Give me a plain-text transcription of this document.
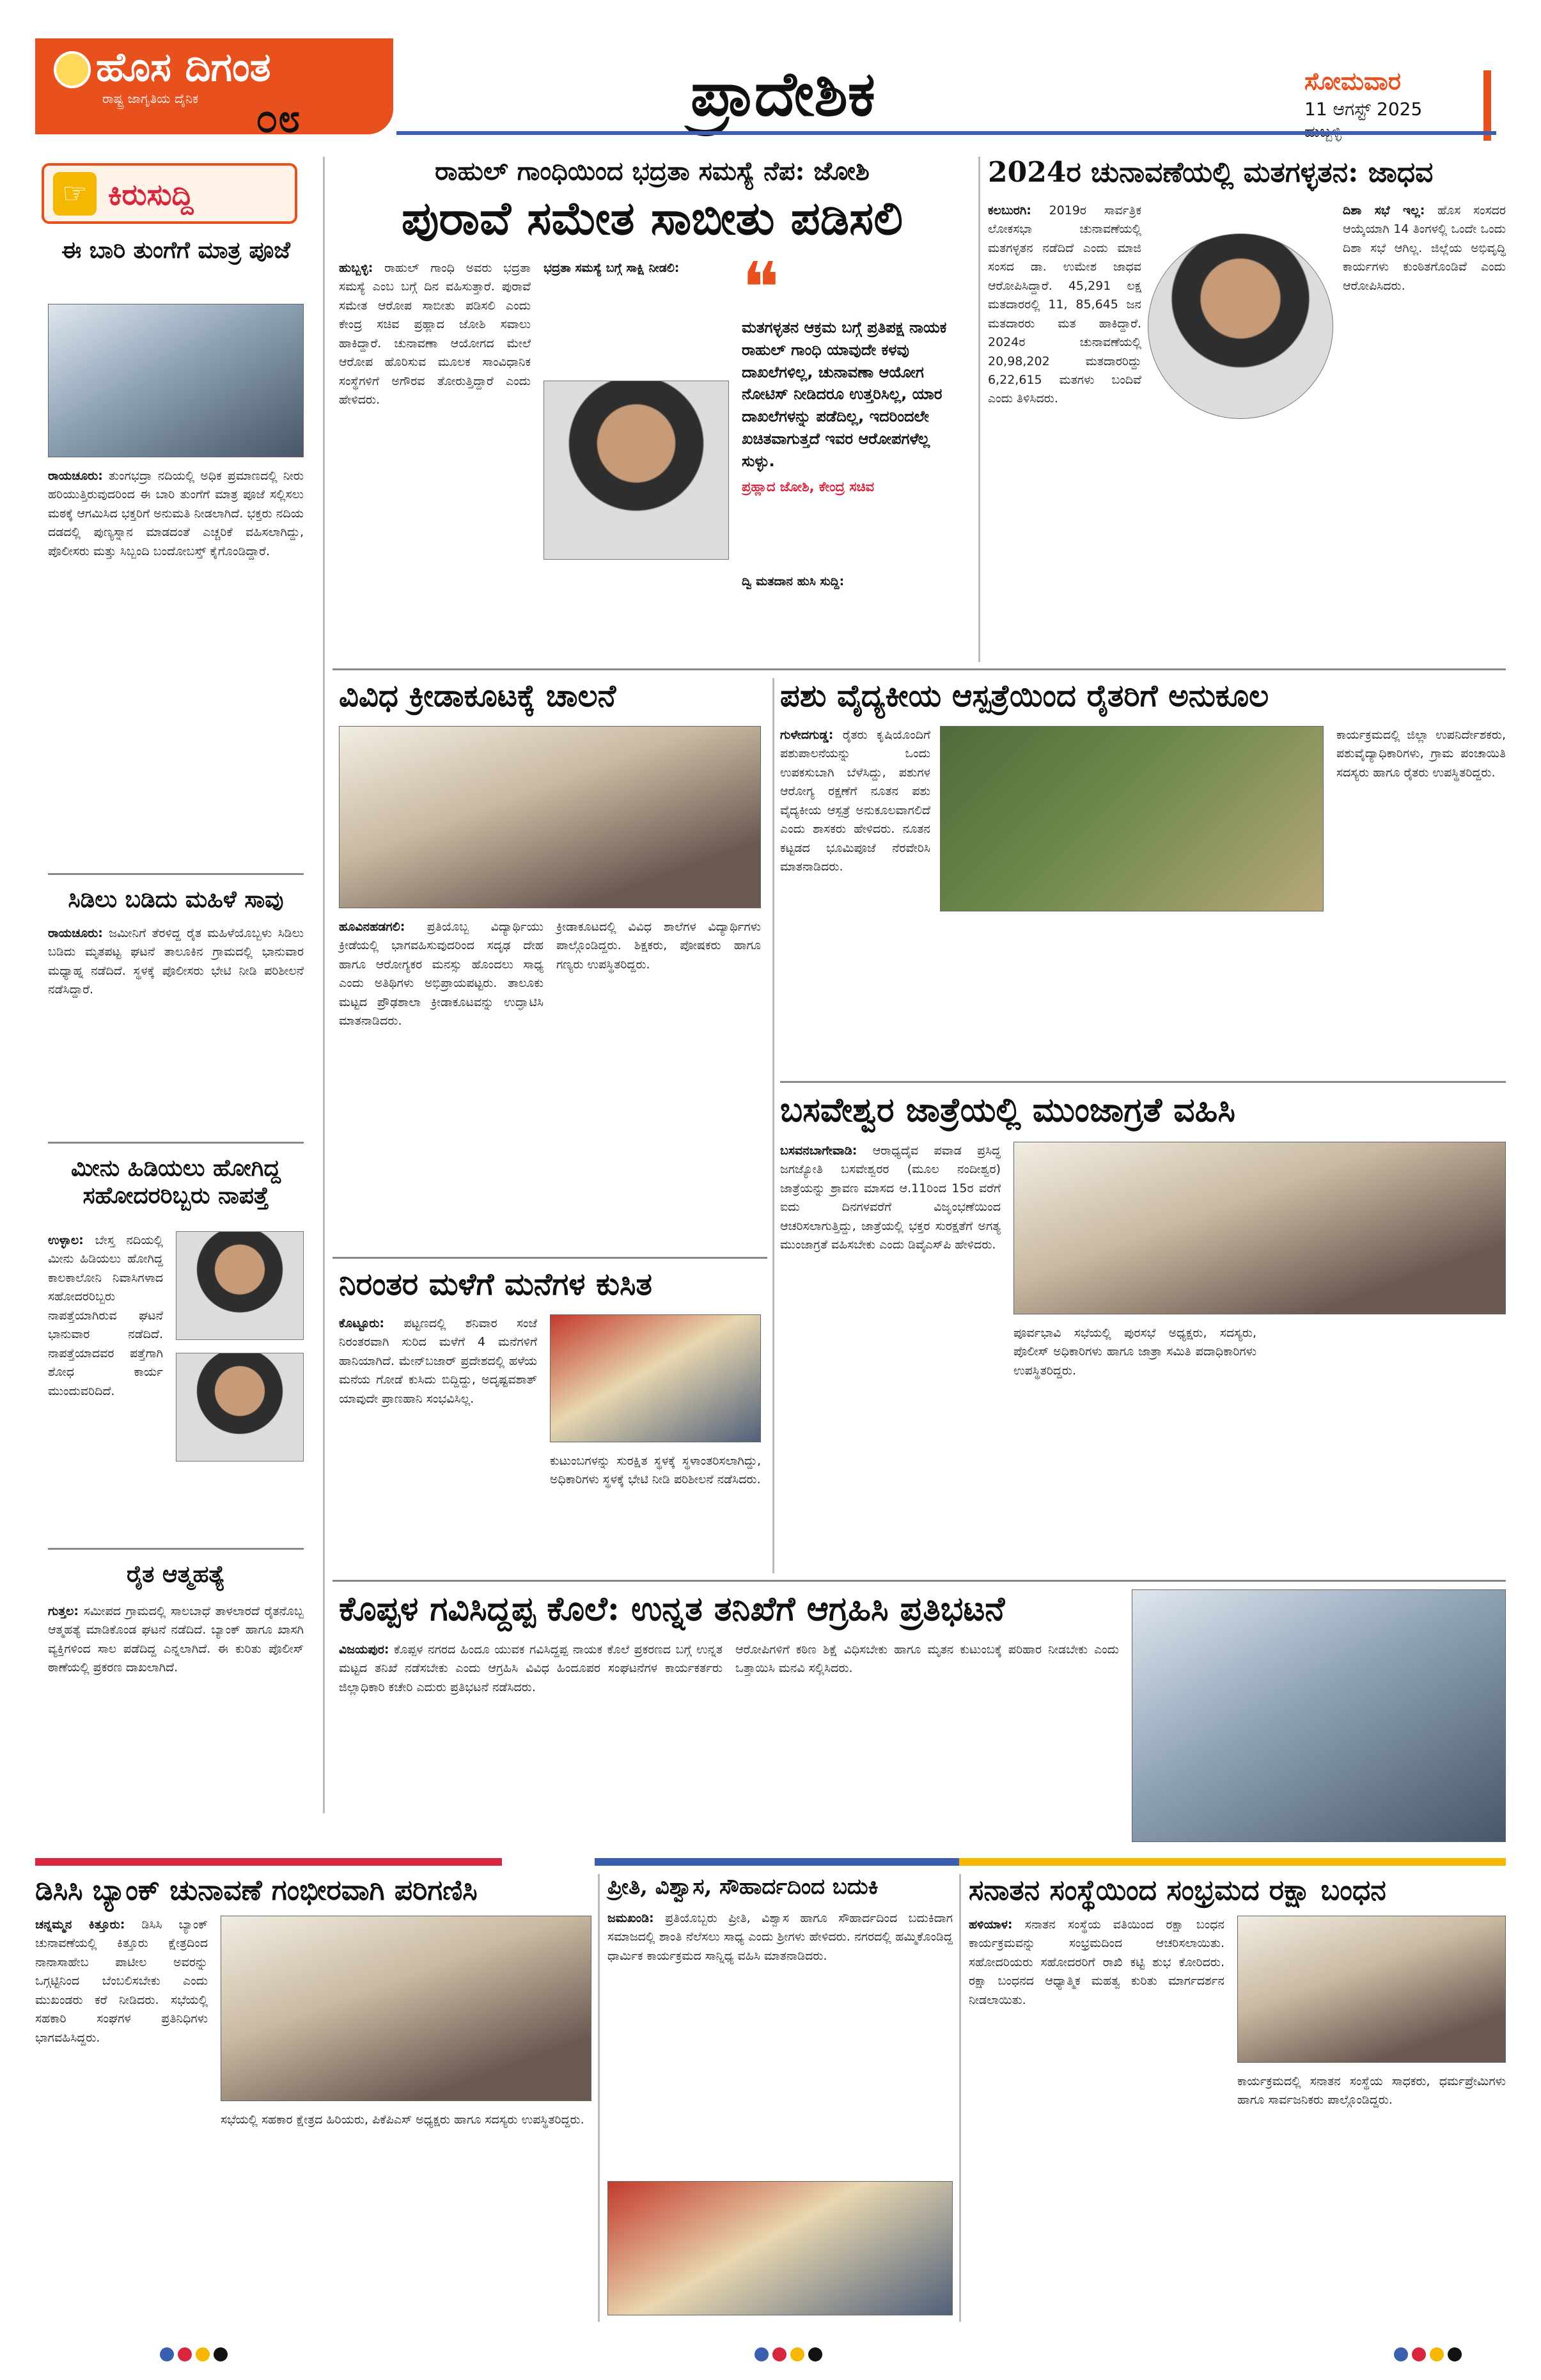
ಹೊಸ ದಿಗಂತ
ರಾಷ್ಟ್ರ ಜಾಗೃತಿಯ ದೈನಿಕ ೦೮	ಪ್ರಾದೇಶಿಕ	ಸೋಮವಾರ
11 ಆಗಸ್ಟ್ 2025
☞ ಕಿರುಸುದ್ದಿ
ಈ ಬಾರಿ ತುಂಗೆಗೆ ಮಾತ್ರ ಪೂಜೆ
ರಾಯಚೂರು: ತುಂಗಭದ್ರಾ ನದಿಯಲ್ಲಿ ಅಧಿಕ ಪ್ರಮಾಣದಲ್ಲಿ ನೀರು ಹರಿಯುತ್ತಿರುವುದರಿಂದ ಈ ಬಾರಿ ತುಂಗೆಗೆ ಮಾತ್ರ ಪೂಜೆ ಸಲ್ಲಿಸಲು ಮಠಕ್ಕೆ ಆಗಮಿಸಿದ ಭಕ್ತರಿಗೆ ಅನುಮತಿ ನೀಡಲಾಗಿದೆ. ಭಕ್ತರು ನದಿಯ ದಡದಲ್ಲಿ ಪುಣ್ಯಸ್ನಾನ ಮಾಡದಂತೆ ಎಚ್ಚರಿಕೆ ವಹಿಸಲಾಗಿದ್ದು, ಪೊಲೀಸರು ಮತ್ತು ಸಿಬ್ಬಂದಿ ಬಂದೋಬಸ್ತ್ ಕೈಗೊಂಡಿದ್ದಾರೆ.
ಸಿಡಿಲು ಬಡಿದು ಮಹಿಳೆ ಸಾವು
ರಾಯಚೂರು: ಜಮೀನಿಗೆ ತೆರಳಿದ್ದ ರೈತ ಮಹಿಳೆಯೊಬ್ಬಳು ಸಿಡಿಲು ಬಡಿದು ಮೃತಪಟ್ಟ ಘಟನೆ ತಾಲೂಕಿನ ಗ್ರಾಮದಲ್ಲಿ ಭಾನುವಾರ ಮಧ್ಯಾಹ್ನ ನಡೆದಿದೆ. ಸ್ಥಳಕ್ಕೆ ಪೊಲೀಸರು ಭೇಟಿ ನೀಡಿ ಪರಿಶೀಲನೆ ನಡೆಸಿದ್ದಾರೆ.
ಮೀನು ಹಿಡಿಯಲು ಹೋಗಿದ್ದ ಸಹೋದರರಿಬ್ಬರು ನಾಪತ್ತೆ
ಉಳ್ಳಾಲ: ಬೇಸ್ತ ನದಿಯಲ್ಲಿ ಮೀನು ಹಿಡಿಯಲು ಹೋಗಿದ್ದ ಕಾಲಕಾಲೋನಿ ನಿವಾಸಿಗಳಾದ ಸಹೋದರರಿಬ್ಬರು ನಾಪತ್ತೆಯಾಗಿರುವ ಘಟನೆ ಭಾನುವಾರ ನಡೆದಿದೆ. ನಾಪತ್ತೆಯಾದವರ ಪತ್ತೆಗಾಗಿ ಶೋಧ ಕಾರ್ಯ ಮುಂದುವರಿದಿದೆ.
ರೈತ ಆತ್ಮಹತ್ಯೆ
ಗುತ್ತಲ: ಸಮೀಪದ ಗ್ರಾಮದಲ್ಲಿ ಸಾಲಬಾಧೆ ತಾಳಲಾರದೆ ರೈತನೊಬ್ಬ ಆತ್ಮಹತ್ಯೆ ಮಾಡಿಕೊಂಡ ಘಟನೆ ನಡೆದಿದೆ. ಬ್ಯಾಂಕ್ ಹಾಗೂ ಖಾಸಗಿ ವ್ಯಕ್ತಿಗಳಿಂದ ಸಾಲ ಪಡೆದಿದ್ದ ಎನ್ನಲಾಗಿದೆ. ಈ ಕುರಿತು ಪೊಲೀಸ್ ಠಾಣೆಯಲ್ಲಿ ಪ್ರಕರಣ ದಾಖಲಾಗಿದೆ.
ರಾಹುಲ್ ಗಾಂಧಿಯಿಂದ ಭದ್ರತಾ ಸಮಸ್ಯೆ ನೆಪ: ಜೋಶಿ
ಪುರಾವೆ ಸಮೇತ ಸಾಬೀತು ಪಡಿಸಲಿ
ಹುಬ್ಬಳ್ಳಿ: ರಾಹುಲ್ ಗಾಂಧಿ ಅವರು ಭದ್ರತಾ ಸಮಸ್ಯೆ ಎಂಬ ಬಗ್ಗೆ ದಿನ ವಹಿಸುತ್ತಾರೆ. ಪುರಾವೆ ಸಮೇತ ಆರೋಪ ಸಾಬೀತು ಪಡಿಸಲಿ ಎಂದು ಕೇಂದ್ರ ಸಚಿವ ಪ್ರಹ್ಲಾದ ಜೋಶಿ ಸವಾಲು ಹಾಕಿದ್ದಾರೆ. ಚುನಾವಣಾ ಆಯೋಗದ ಮೇಲೆ ಆರೋಪ ಹೊರಿಸುವ ಮೂಲಕ ಸಾಂವಿಧಾನಿಕ ಸಂಸ್ಥೆಗಳಿಗೆ ಅಗೌರವ ತೋರುತ್ತಿದ್ದಾರೆ ಎಂದು ಹೇಳಿದರು.
ಭದ್ರತಾ ಸಮಸ್ಯೆ ಬಗ್ಗೆ ಸಾಕ್ಷಿ ನೀಡಲಿ: ❝
ಮತಗಳ್ಳತನ ಆಕ್ರಮ ಬಗ್ಗೆ ಪ್ರತಿಪಕ್ಷ ನಾಯಕ ರಾಹುಲ್ ಗಾಂಧಿ ಯಾವುದೇ ಕಳವು ದಾಖಲೆಗಳಿಲ್ಲ, ಚುನಾವಣಾ ಆಯೋಗ ನೋಟಿಸ್ ನೀಡಿದರೂ ಉತ್ತರಿಸಿಲ್ಲ, ಯಾರ ದಾಖಲೆಗಳನ್ನು ಪಡೆದಿಲ್ಲ, ಇದರಿಂದಲೇ ಖಚಿತವಾಗುತ್ತದೆ ಇವರ ಆರೋಪಗಳೆಲ್ಲ ಸುಳ್ಳು.
ಪ್ರಹ್ಲಾದ ಜೋಶಿ, ಕೇಂದ್ರ ಸಚಿವ
ದ್ವಿ ಮತದಾನ ಹುಸಿ ಸುದ್ದಿ:
2024ರ ಚುನಾವಣೆಯಲ್ಲಿ ಮತಗಳ್ಳತನ: ಜಾಧವ
ಕಲಬುರಗಿ: 2019ರ ಸಾರ್ವತ್ರಿಕ ಲೋಕಸಭಾ ಚುನಾವಣೆಯಲ್ಲಿ ಮತಗಳ್ಳತನ ನಡೆದಿದೆ ಎಂದು ಮಾಜಿ ಸಂಸದ ಡಾ. ಉಮೇಶ ಜಾಧವ ಆರೋಪಿಸಿದ್ದಾರೆ. 45,291 ಲಕ್ಷ ಮತದಾರರಲ್ಲಿ 11, 85,645 ಜನ ಮತದಾರರು ಮತ ಹಾಕಿದ್ದಾರೆ. 2024ರ ಚುನಾವಣೆಯಲ್ಲಿ 20,98,202 ಮತದಾರರಿದ್ದು 6,22,615 ಮತಗಳು ಬಂದಿವೆ ಎಂದು ತಿಳಿಸಿದರು.
ದಿಶಾ ಸಭೆ ಇಲ್ಲ: ಹೊಸ ಸಂಸದರ ಆಯ್ಕೆಯಾಗಿ 14 ತಿಂಗಳಲ್ಲಿ ಒಂದೇ ಒಂದು ದಿಶಾ ಸಭೆ ಆಗಿಲ್ಲ. ಜಿಲ್ಲೆಯ ಅಭಿವೃದ್ಧಿ ಕಾರ್ಯಗಳು ಕುಂಠಿತಗೊಂಡಿವೆ ಎಂದು ಆರೋಪಿಸಿದರು.
ವಿವಿಧ ಕ್ರೀಡಾಕೂಟಕ್ಕೆ ಚಾಲನೆ
ಹೂವಿನಹಡಗಲಿ: ಪ್ರತಿಯೊಬ್ಬ ವಿದ್ಯಾರ್ಥಿಯು ಕ್ರೀಡೆಯಲ್ಲಿ ಭಾಗವಹಿಸುವುದರಿಂದ ಸದೃಢ ದೇಹ ಹಾಗೂ ಆರೋಗ್ಯಕರ ಮನಸ್ಸು ಹೊಂದಲು ಸಾಧ್ಯ ಎಂದು ಅತಿಥಿಗಳು ಅಭಿಪ್ರಾಯಪಟ್ಟರು. ತಾಲೂಕು ಮಟ್ಟದ ಪ್ರೌಢಶಾಲಾ ಕ್ರೀಡಾಕೂಟವನ್ನು ಉದ್ಘಾಟಿಸಿ ಮಾತನಾಡಿದರು.
ಕ್ರೀಡಾಕೂಟದಲ್ಲಿ ವಿವಿಧ ಶಾಲೆಗಳ ವಿದ್ಯಾರ್ಥಿಗಳು ಪಾಲ್ಗೊಂಡಿದ್ದರು. ಶಿಕ್ಷಕರು, ಪೋಷಕರು ಹಾಗೂ ಗಣ್ಯರು ಉಪಸ್ಥಿತರಿದ್ದರು.
ಪಶು ವೈದ್ಯಕೀಯ ಆಸ್ಪತ್ರೆಯಿಂದ ರೈತರಿಗೆ ಅನುಕೂಲ
ಗುಳೇದಗುಡ್ಡ: ರೈತರು ಕೃಷಿಯೊಂದಿಗೆ ಪಶುಪಾಲನೆಯನ್ನು ಒಂದು ಉಪಕಸುಬಾಗಿ ಬೆಳೆಸಿದ್ದು, ಪಶುಗಳ ಆರೋಗ್ಯ ರಕ್ಷಣೆಗೆ ನೂತನ ಪಶು ವೈದ್ಯಕೀಯ ಆಸ್ಪತ್ರೆ ಅನುಕೂಲವಾಗಲಿದೆ ಎಂದು ಶಾಸಕರು ಹೇಳಿದರು. ನೂತನ ಕಟ್ಟಡದ ಭೂಮಿಪೂಜೆ ನೆರವೇರಿಸಿ ಮಾತನಾಡಿದರು.
ಕಾರ್ಯಕ್ರಮದಲ್ಲಿ ಜಿಲ್ಲಾ ಉಪನಿರ್ದೇಶಕರು, ಪಶುವೈದ್ಯಾಧಿಕಾರಿಗಳು, ಗ್ರಾಮ ಪಂಚಾಯಿತಿ ಸದಸ್ಯರು ಹಾಗೂ ರೈತರು ಉಪಸ್ಥಿತರಿದ್ದರು.
ನಿರಂತರ ಮಳೆಗೆ ಮನೆಗಳ ಕುಸಿತ
ಕೊಟ್ಟೂರು: ಪಟ್ಟಣದಲ್ಲಿ ಶನಿವಾರ ಸಂಜೆ ನಿರಂತರವಾಗಿ ಸುರಿದ ಮಳೆಗೆ 4 ಮನೆಗಳಿಗೆ ಹಾನಿಯಾಗಿದೆ. ಮೇನ್‌ಬಜಾರ್ ಪ್ರದೇಶದಲ್ಲಿ ಹಳೆಯ ಮನೆಯ ಗೋಡೆ ಕುಸಿದು ಬಿದ್ದಿದ್ದು, ಅದೃಷ್ಟವಶಾತ್ ಯಾವುದೇ ಪ್ರಾಣಹಾನಿ ಸಂಭವಿಸಿಲ್ಲ.
ಕುಟುಂಬಗಳನ್ನು ಸುರಕ್ಷಿತ ಸ್ಥಳಕ್ಕೆ ಸ್ಥಳಾಂತರಿಸಲಾಗಿದ್ದು, ಅಧಿಕಾರಿಗಳು ಸ್ಥಳಕ್ಕೆ ಭೇಟಿ ನೀಡಿ ಪರಿಶೀಲನೆ ನಡೆಸಿದರು.
ಬಸವೇಶ್ವರ ಜಾತ್ರೆಯಲ್ಲಿ ಮುಂಜಾಗ್ರತೆ ವಹಿಸಿ
ಬಸವನಬಾಗೇವಾಡಿ: ಆರಾಧ್ಯದೈವ ಪವಾಡ ಪ್ರಸಿದ್ಧ ಜಗಜ್ಯೋತಿ ಬಸವೇಶ್ವರರ (ಮೂಲ ನಂದೀಶ್ವರ) ಜಾತ್ರೆಯನ್ನು ಶ್ರಾವಣ ಮಾಸದ ಆ.11ರಿಂದ 15ರ ವರೆಗೆ ಐದು ದಿನಗಳವರೆಗೆ ವಿಜೃಂಭಣೆಯಿಂದ ಆಚರಿಸಲಾಗುತ್ತಿದ್ದು, ಜಾತ್ರೆಯಲ್ಲಿ ಭಕ್ತರ ಸುರಕ್ಷತೆಗೆ ಅಗತ್ಯ ಮುಂಜಾಗ್ರತೆ ವಹಿಸಬೇಕು ಎಂದು ಡಿವೈಎಸ್‌ಪಿ ಹೇಳಿದರು.
ಪೂರ್ವಭಾವಿ ಸಭೆಯಲ್ಲಿ ಪುರಸಭೆ ಅಧ್ಯಕ್ಷರು, ಸದಸ್ಯರು, ಪೊಲೀಸ್ ಅಧಿಕಾರಿಗಳು ಹಾಗೂ ಜಾತ್ರಾ ಸಮಿತಿ ಪದಾಧಿಕಾರಿಗಳು ಉಪಸ್ಥಿತರಿದ್ದರು.
ಕೊಪ್ಪಳ ಗವಿಸಿದ್ದಪ್ಪ ಕೊಲೆ: ಉನ್ನತ ತನಿಖೆಗೆ ಆಗ್ರಹಿಸಿ ಪ್ರತಿಭಟನೆ
ವಿಜಯಪುರ: ಕೊಪ್ಪಳ ನಗರದ ಹಿಂದೂ ಯುವಕ ಗವಿಸಿದ್ದಪ್ಪ ನಾಯಕ ಕೊಲೆ ಪ್ರಕರಣದ ಬಗ್ಗೆ ಉನ್ನತ ಮಟ್ಟದ ತನಿಖೆ ನಡೆಸಬೇಕು ಎಂದು ಆಗ್ರಹಿಸಿ ವಿವಿಧ ಹಿಂದೂಪರ ಸಂಘಟನೆಗಳ ಕಾರ್ಯಕರ್ತರು ಜಿಲ್ಲಾಧಿಕಾರಿ ಕಚೇರಿ ಎದುರು ಪ್ರತಿಭಟನೆ ನಡೆಸಿದರು.
ಆರೋಪಿಗಳಿಗೆ ಕಠಿಣ ಶಿಕ್ಷೆ ವಿಧಿಸಬೇಕು ಹಾಗೂ ಮೃತನ ಕುಟುಂಬಕ್ಕೆ ಪರಿಹಾರ ನೀಡಬೇಕು ಎಂದು ಒತ್ತಾಯಿಸಿ ಮನವಿ ಸಲ್ಲಿಸಿದರು.
ಡಿಸಿಸಿ ಬ್ಯಾಂಕ್ ಚುನಾವಣೆ ಗಂಭೀರವಾಗಿ ಪರಿಗಣಿಸಿ
ಚನ್ನಮ್ಮನ ಕಿತ್ತೂರು: ಡಿಸಿಸಿ ಬ್ಯಾಂಕ್ ಚುನಾವಣೆಯಲ್ಲಿ ಕಿತ್ತೂರು ಕ್ಷೇತ್ರದಿಂದ ನಾನಾಸಾಹೇಬ ಪಾಟೀಲ ಅವರನ್ನು ಒಗ್ಗಟ್ಟಿನಿಂದ ಬೆಂಬಲಿಸಬೇಕು ಎಂದು ಮುಖಂಡರು ಕರೆ ನೀಡಿದರು. ಸಭೆಯಲ್ಲಿ ಸಹಕಾರಿ ಸಂಘಗಳ ಪ್ರತಿನಿಧಿಗಳು ಭಾಗವಹಿಸಿದ್ದರು.
ಸಭೆಯಲ್ಲಿ ಸಹಕಾರ ಕ್ಷೇತ್ರದ ಹಿರಿಯರು, ಪಿಕೆಪಿಎಸ್ ಅಧ್ಯಕ್ಷರು ಹಾಗೂ ಸದಸ್ಯರು ಉಪಸ್ಥಿತರಿದ್ದರು.
ಪ್ರೀತಿ, ವಿಶ್ವಾಸ, ಸೌಹಾರ್ದದಿಂದ ಬದುಕಿ
ಜಮಖಂಡಿ: ಪ್ರತಿಯೊಬ್ಬರು ಪ್ರೀತಿ, ವಿಶ್ವಾಸ ಹಾಗೂ ಸೌಹಾರ್ದದಿಂದ ಬದುಕಿದಾಗ ಸಮಾಜದಲ್ಲಿ ಶಾಂತಿ ನೆಲೆಸಲು ಸಾಧ್ಯ ಎಂದು ಶ್ರೀಗಳು ಹೇಳಿದರು. ನಗರದಲ್ಲಿ ಹಮ್ಮಿಕೊಂಡಿದ್ದ ಧಾರ್ಮಿಕ ಕಾರ್ಯಕ್ರಮದ ಸಾನ್ನಿಧ್ಯ ವಹಿಸಿ ಮಾತನಾಡಿದರು.
ಸನಾತನ ಸಂಸ್ಥೆಯಿಂದ ಸಂಭ್ರಮದ ರಕ್ಷಾ ಬಂಧನ
ಹಳಿಯಾಳ: ಸನಾತನ ಸಂಸ್ಥೆಯ ವತಿಯಿಂದ ರಕ್ಷಾ ಬಂಧನ ಕಾರ್ಯಕ್ರಮವನ್ನು ಸಂಭ್ರಮದಿಂದ ಆಚರಿಸಲಾಯಿತು. ಸಹೋದರಿಯರು ಸಹೋದರರಿಗೆ ರಾಖಿ ಕಟ್ಟಿ ಶುಭ ಕೋರಿದರು. ರಕ್ಷಾ ಬಂಧನದ ಆಧ್ಯಾತ್ಮಿಕ ಮಹತ್ವ ಕುರಿತು ಮಾರ್ಗದರ್ಶನ ನೀಡಲಾಯಿತು.
ಕಾರ್ಯಕ್ರಮದಲ್ಲಿ ಸನಾತನ ಸಂಸ್ಥೆಯ ಸಾಧಕರು, ಧರ್ಮಪ್ರೇಮಿಗಳು ಹಾಗೂ ಸಾರ್ವಜನಿಕರು ಪಾಲ್ಗೊಂಡಿದ್ದರು.
